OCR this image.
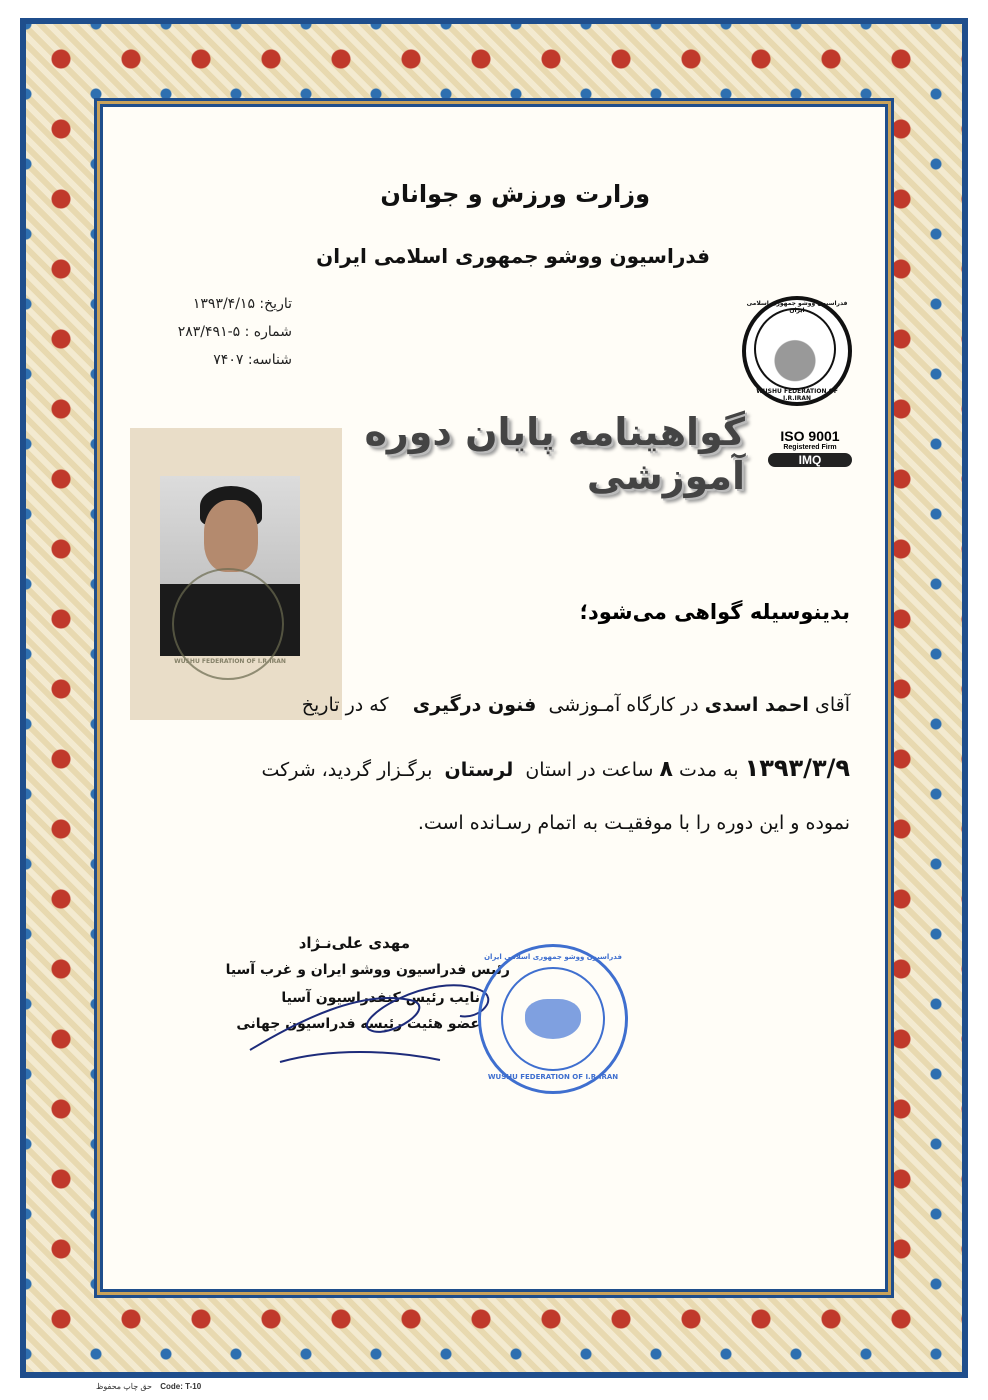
وزارت ورزش و جوانان
فدراسیون ووشو جمهوری اسلامی ایران
تاریخ: ۱۳۹۳/۴/۱۵
شماره : ۵-۲۸۳/۴۹۱
شناسه: ۷۴۰۷
فدراسیون ووشو جمهوری اسلامی ایران
WUSHU FEDERATION OF I.R.IRAN
ISO 9001
Registered Firm
IMQ
گواهینامه پایان دوره آموزشی
WUSHU FEDERATION OF I.R.IRAN
بدینوسیله گواهی می‌شود؛
آقای احمد اسدی در کارگاه آمـوزشی  فنون درگیری    که در تاریخ
۱۳۹۳/۳/۹ به مدت ۸ ساعت در استان  لرستان  برگـزار گردید، شرکت
نموده و این دوره را با موفقیـت به اتمام رسـانده است.
مهدی علی‌نـژاد
رئیس فدراسیون ووشو ایران و غرب آسیا
نایب رئیس کنفدراسیون آسیا
عضو هئیت رئیسه فدراسیون جهانی
فدراسیون ووشو جمهوری اسلامی ایران
WUSHU FEDERATION OF I.R.IRAN
حق چاپ محفوظ Code: T-10
